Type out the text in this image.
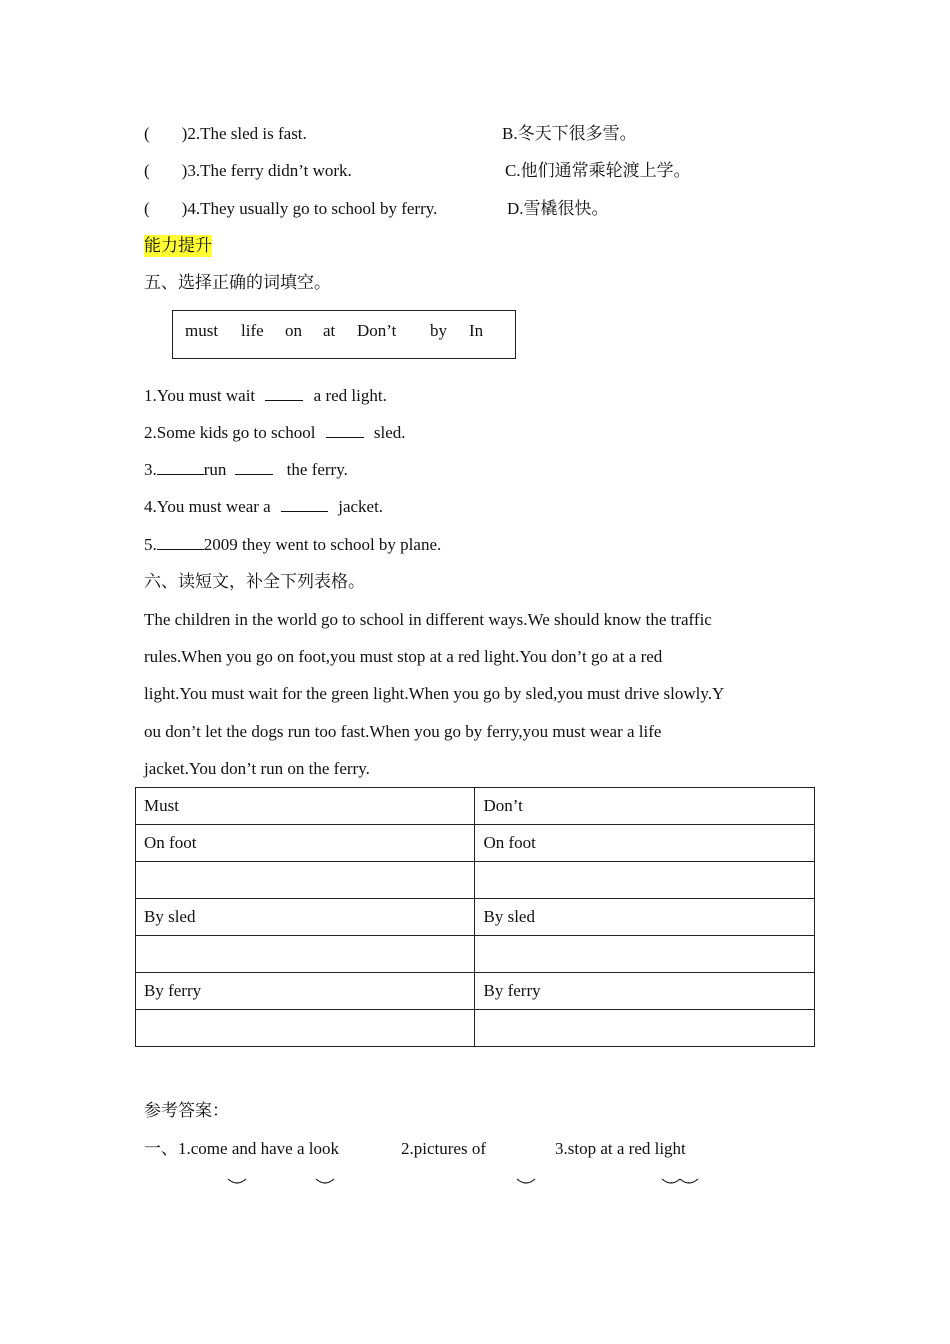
( )2.The sled is fast.	B.冬天下很多雪。
( )3.The ferry didn’t work.	C.他们通常乘轮渡上学。
( )4.They usually go to school by ferry.	D.雪橇很快。
能力提升
五、选择正确的词填空。
must life on at Don’t by In
1.You must wait	a red light.
2.Some kids go to school	sled.
3.	run	the ferry.
4.You must wear a	jacket.
5.	2009 they went to school by plane.
六、读短文，补全下列表格。
The children in the world go to school in different ways.We should know the traffic
rules.When you go on foot,you must stop at a red light.You don’t go at a red
light.You must wait for the green light.When you go by sled,you must drive slowly.Y
ou don’t let the dogs run too fast.When you go by ferry,you must wear a life
jacket.You don’t run on the ferry.
Must	Don’t
On foot	On foot

By sled	By sled

By ferry	By ferry

参考答案：
一、1.come and have a look	2.pictures of	3.stop at a red light
